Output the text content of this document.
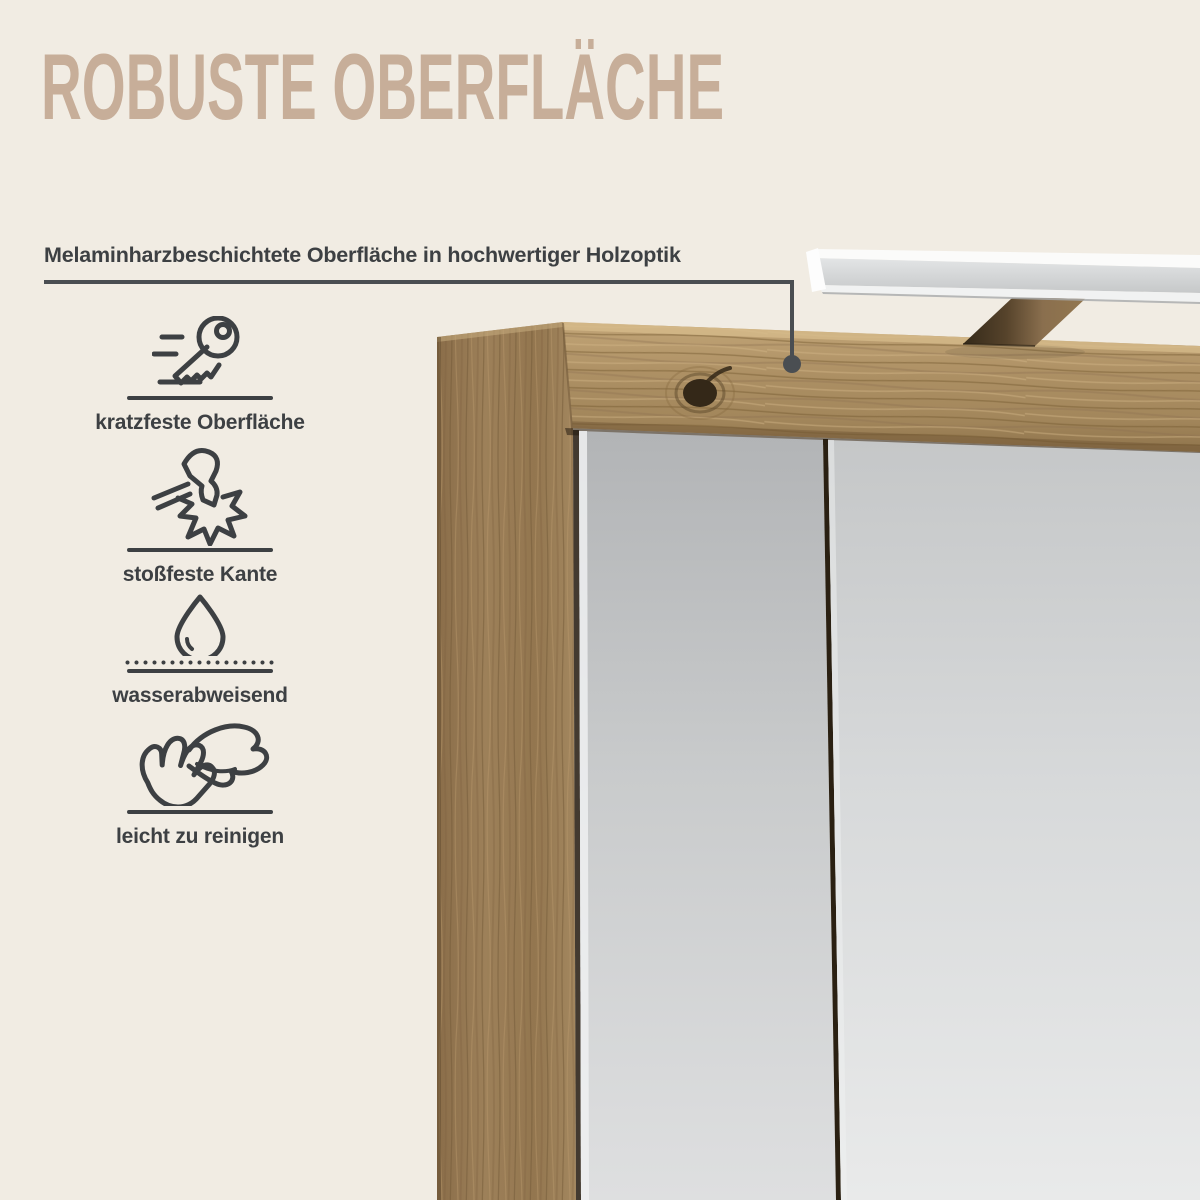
ROBUSTE OBERFLÄCHE
Melaminharzbeschichtete Oberfläche in hochwertiger Holzoptik
kratzfeste Oberfläche
stoßfeste Kante
wasserabweisend
leicht zu reinigen
